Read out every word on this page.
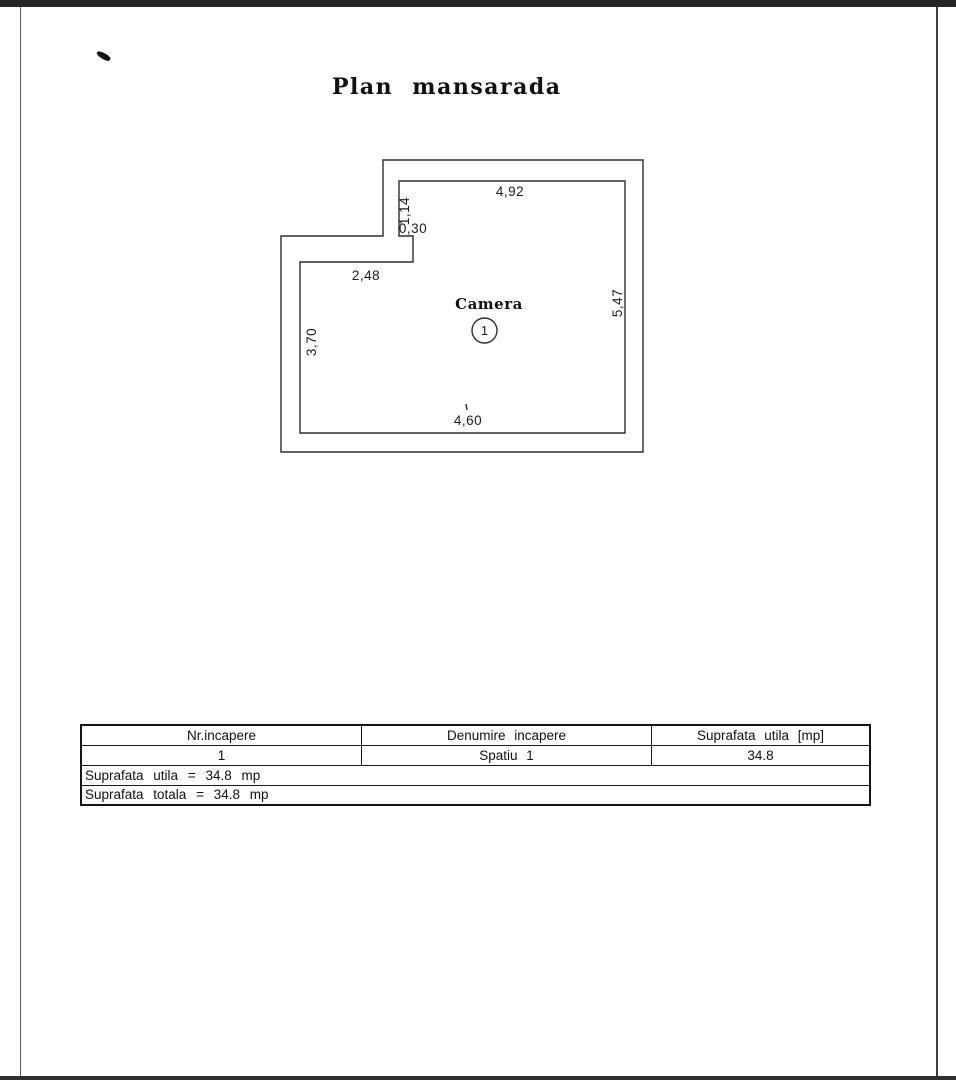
Plan mansarada
4,92
1,14
0,30
2,48
3,70
5,47
4,60
Camera
1
Nr.incapere	Denumire incapere	Suprafata utila [mp]
1	Spatiu 1	34.8
Suprafata utila = 34.8 mp
Suprafata totala = 34.8 mp
